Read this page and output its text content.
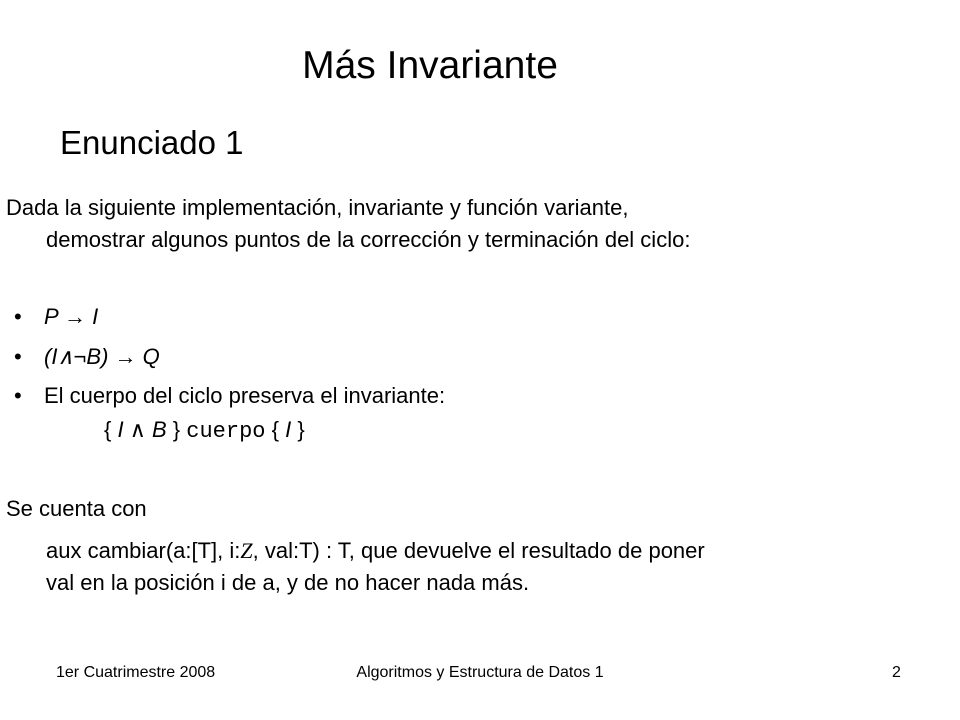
Más Invariante
Enunciado 1
Dada la siguiente implementación, invariante y función variante,
demostrar algunos puntos de la corrección y terminación del ciclo:
• P → I
• (I∧¬B) → Q
• El cuerpo del ciclo preserva el invariante:
{ I ∧ B } cuerpo { I }
Se cuenta con
aux cambiar(a:[T], i:Z, val:T) : T, que devuelve el resultado de poner
val en la posición i de a, y de no hacer nada más.
1er Cuatrimestre 2008	Algoritmos y Estructura de Datos 1	2
